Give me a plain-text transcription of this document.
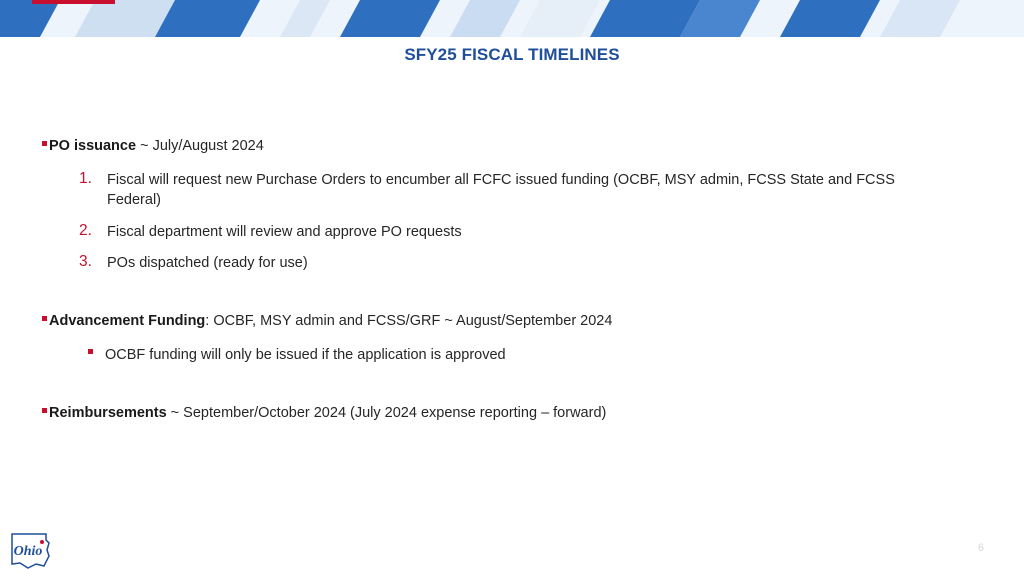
SFY25 FISCAL TIMELINES
PO issuance ~ July/August 2024
1. Fiscal will request new Purchase Orders to encumber all FCFC issued funding (OCBF, MSY admin, FCSS State and FCSS Federal)
2. Fiscal department will review and approve PO requests
3. POs dispatched (ready for use)
Advancement Funding: OCBF, MSY admin and FCSS/GRF ~ August/September 2024
OCBF funding will only be issued if the application is approved
Reimbursements ~ September/October 2024 (July 2024 expense reporting – forward)
Ohio	6
